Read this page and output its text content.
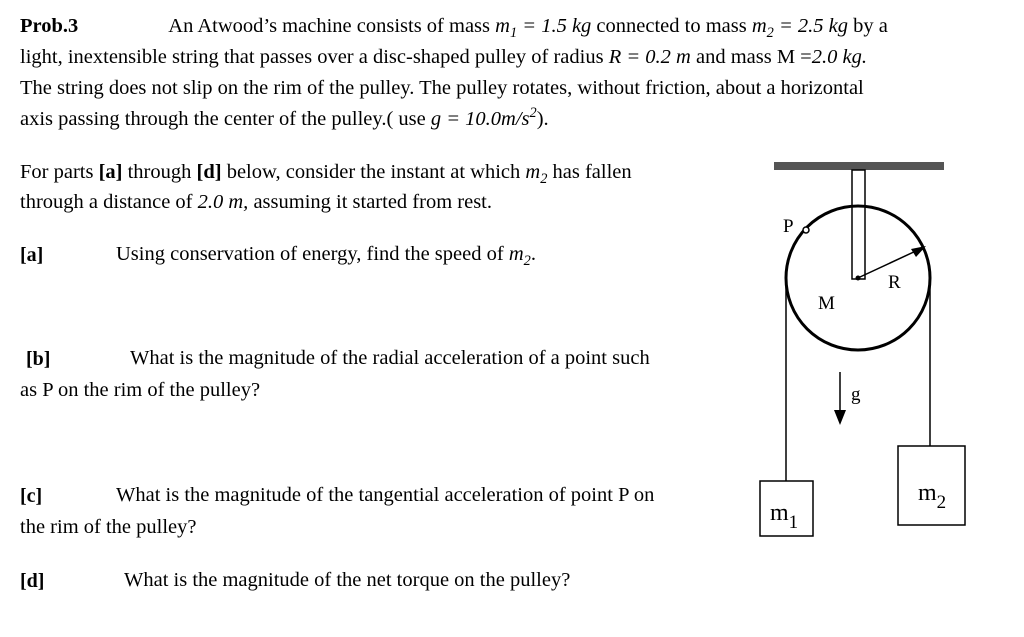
Prob.3	An Atwood’s machine consists of mass $m_1 = 1.5$ kg connected to mass $m_2 = 2.5$ kg by a
light, inextensible string that passes over a disc-shaped pulley of radius R = 0.2 m and mass M =2.0 kg.
The string does not slip on the rim of the pulley. The pulley rotates, without friction, about a horizontal
axis passing through the center of the pulley.( use $g = 10.0m/s^2$).
For parts [a] through [d] below, consider the instant at which $m_2$ has fallen
through a distance of 2.0 m, assuming it started from rest.
[a]	Using conservation of energy, find the speed of $m_2$.
[b]	What is the magnitude of the radial acceleration of a point such
as P on the rim of the pulley?
[c]	What is the magnitude of the tangential acceleration of point P on
the rim of the pulley?
[d]	What is the magnitude of the net torque on the pulley?
P
R
M
g
$m_1$
$m_2$
